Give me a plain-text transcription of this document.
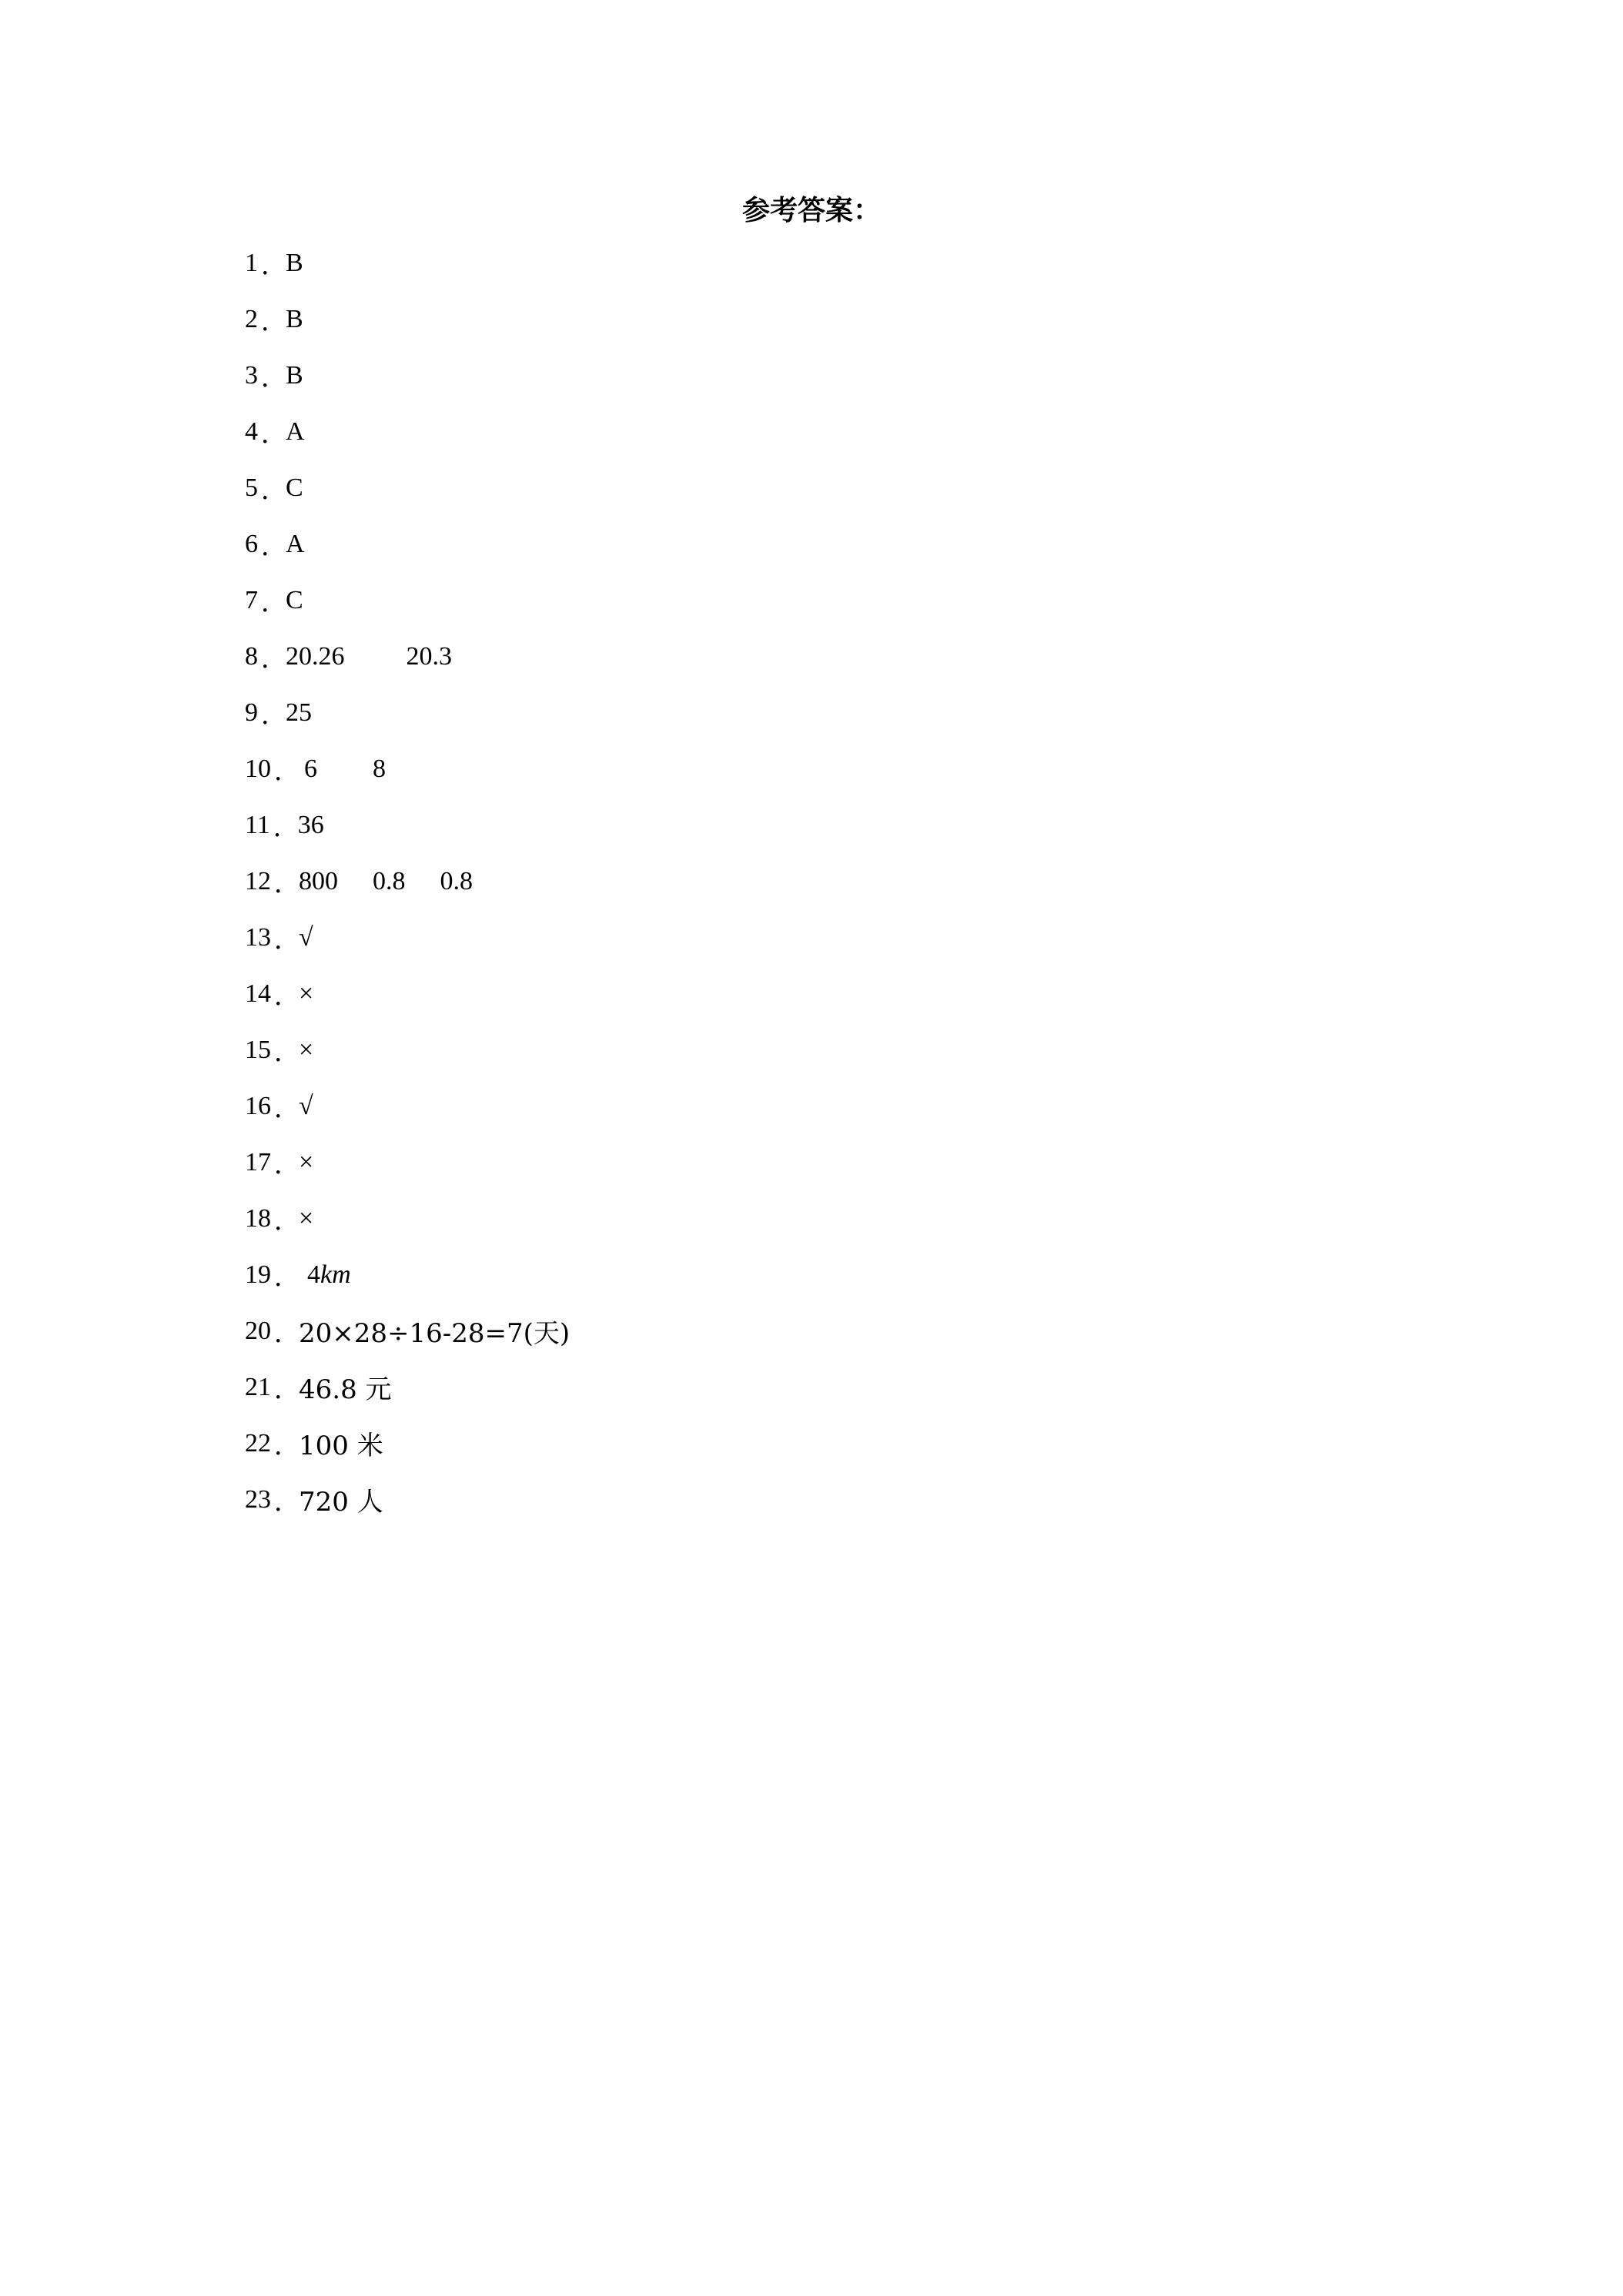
参考答案：
1 ．
B
2 ．
B
3 ．
B
4 ．
A
5 ．
C
6 ．
A
7 ．
C
8 ．
20.26 20.3
9 ．
25
10 ． 6 8
11 ．
36
12 ．
800 0.8 0.8
13 ．
√
14 ．
×
15 ．
×
16 ．
√
17 ．
×
18 ．
×
19 ． 4 km
20 ．
20×28÷16-28=7(天)
21 ．
46.8 元
22 ．
100 米
23 ．
720 人
